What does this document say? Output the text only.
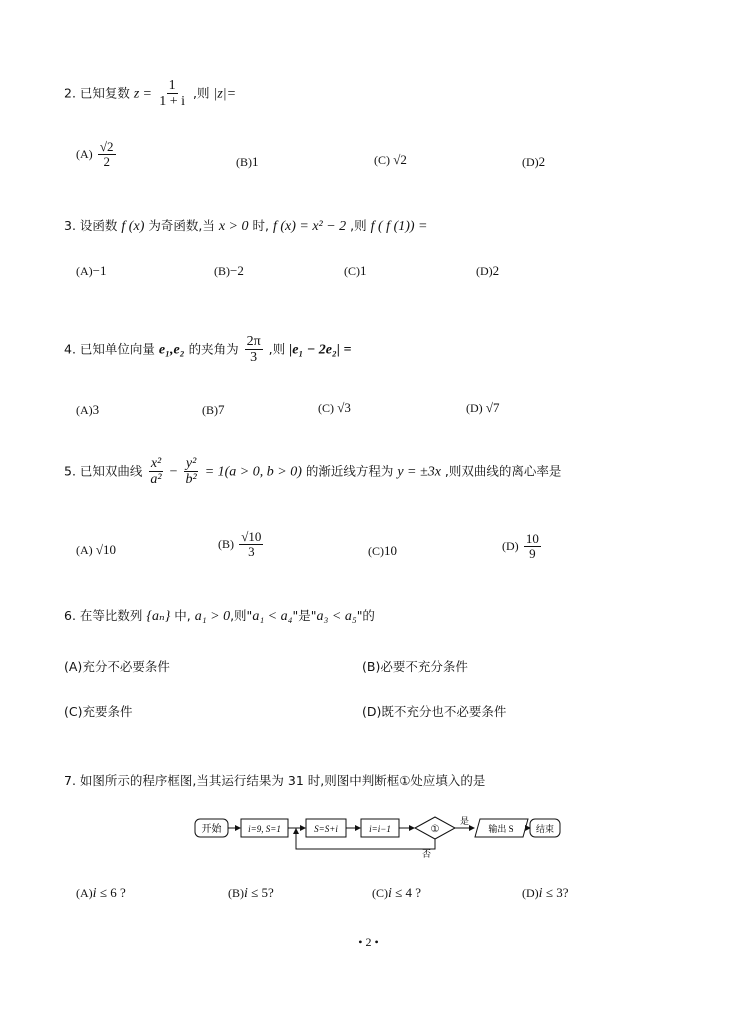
2. 已知复数 $z = \frac{1}{1 + i}$ ,则 |z|=
$(A) \frac{√2}{2}$	(B)1	(C) √2	(D)2
3. 设函数 f (x) 为奇函数,当 x > 0 时, f (x) = x² − 2 ,则 f ( f (1)) =
(A)−1	(B)−2	(C)1	(D)2
4. 已知单位向量 e₁,e₂ 的夹角为 $\frac{2\pi}{3}$ ,则 |e₁ − 2e₂| =
(A)3	(B)7	(C) √3	(D) √7
5. 已知双曲线 $\frac{\text{x²}}{\text{a²}} - \frac{\text{y²}}{\text{b²}} = 1(a > 0$, b > 0) 的渐近线方程为 y = ±3x ,则双曲线的离心率是
(A) √10	$(B) \frac{√10}{3}$	(C)10	$(D) \frac{10}{9}$
6. 在等比数列 {aₙ} 中, a₁ > 0,则"a₁ < a₄"是"a₃ < a₅"的
(A)充分不必要条件	(B)必要不充分条件
(C)充要条件	(D)既不充分也不必要条件
7. 如图所示的程序框图,当其运行结果为 31 时,则图中判断框①处应填入的是
开始	i=9, S=1	S=S+i	i=i−1	①
是
输出 S 结束
否
(A)i ≤ 6 ?	(B)i ≤ 5?	(C)i ≤ 4 ?	(D)i ≤ 3?
• 2 •
